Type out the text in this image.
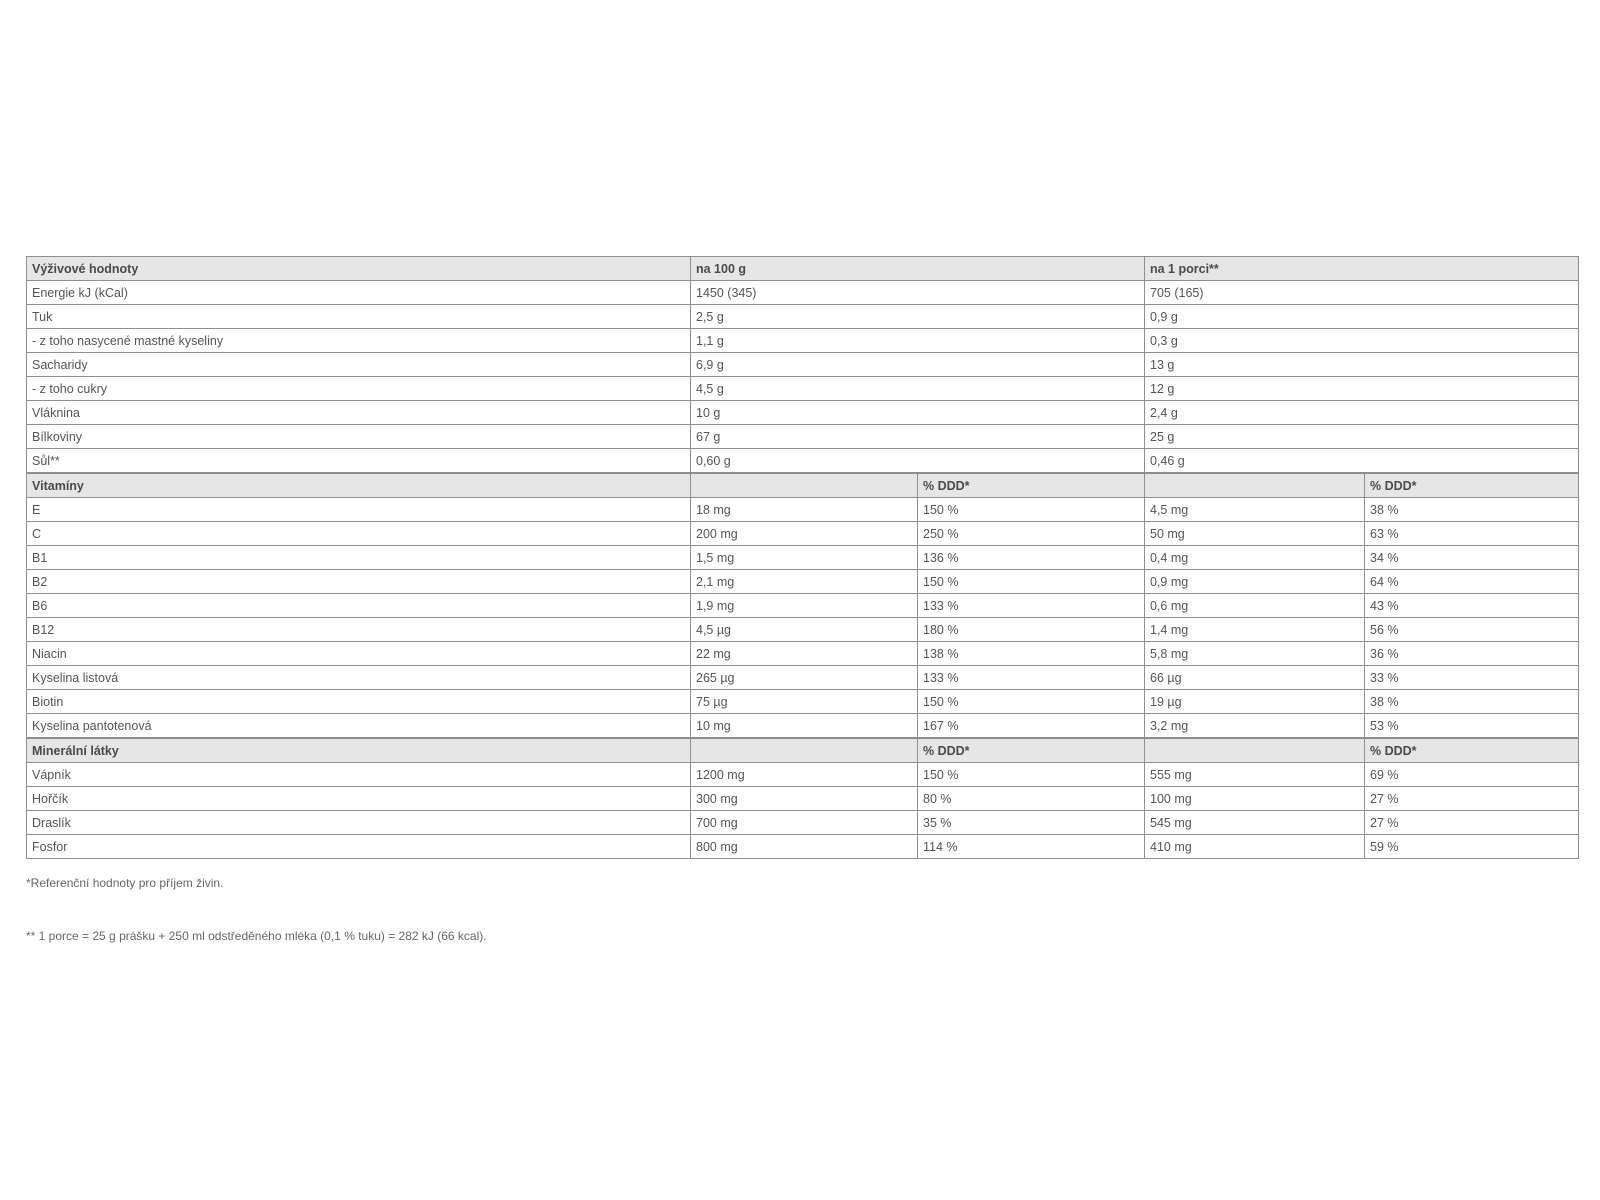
Výživové hodnoty	na 100 g		na 1 porci**	
Energie kJ (kCal)	1450 (345)		705 (165)	
Tuk	2,5 g		0,9 g	
- z toho nasycené mastné kyseliny	1,1 g		0,3 g	
Sacharidy	6,9 g		13 g	
- z toho cukry	4,5 g		12 g	
Vláknina	10 g		2,4 g	
Bílkoviny	67 g		25 g	
Sůl**	0,60 g		0,46 g	
Vitamíny		% DDD*		% DDD*
E	18 mg	150 %	4,5 mg	38 %
C	200 mg	250 %	50 mg	63 %
B1	1,5 mg	136 %	0,4 mg	34 %
B2	2,1 mg	150 %	0,9 mg	64 %
B6	1,9 mg	133 %	0,6 mg	43 %
B12	4,5 µg	180 %	1,4 mg	56 %
Niacin	22 mg	138 %	5,8 mg	36 %
Kyselina listová	265 µg	133 %	66 µg	33 %
Biotin	75 µg	150 %	19 µg	38 %
Kyselina pantotenová	10 mg	167 %	3,2 mg	53 %
Minerální látky		% DDD*		% DDD*
Vápník	1200 mg	150 %	555 mg	69 %
Hořčík	300 mg	80 %	100 mg	27 %
Draslík	700 mg	35 %	545 mg	27 %
Fosfor	800 mg	114 %	410 mg	59 %
*Referenční hodnoty pro příjem živin.
** 1 porce = 25 g prášku + 250 ml odstředěného mléka (0,1 % tuku) = 282 kJ (66 kcal).
